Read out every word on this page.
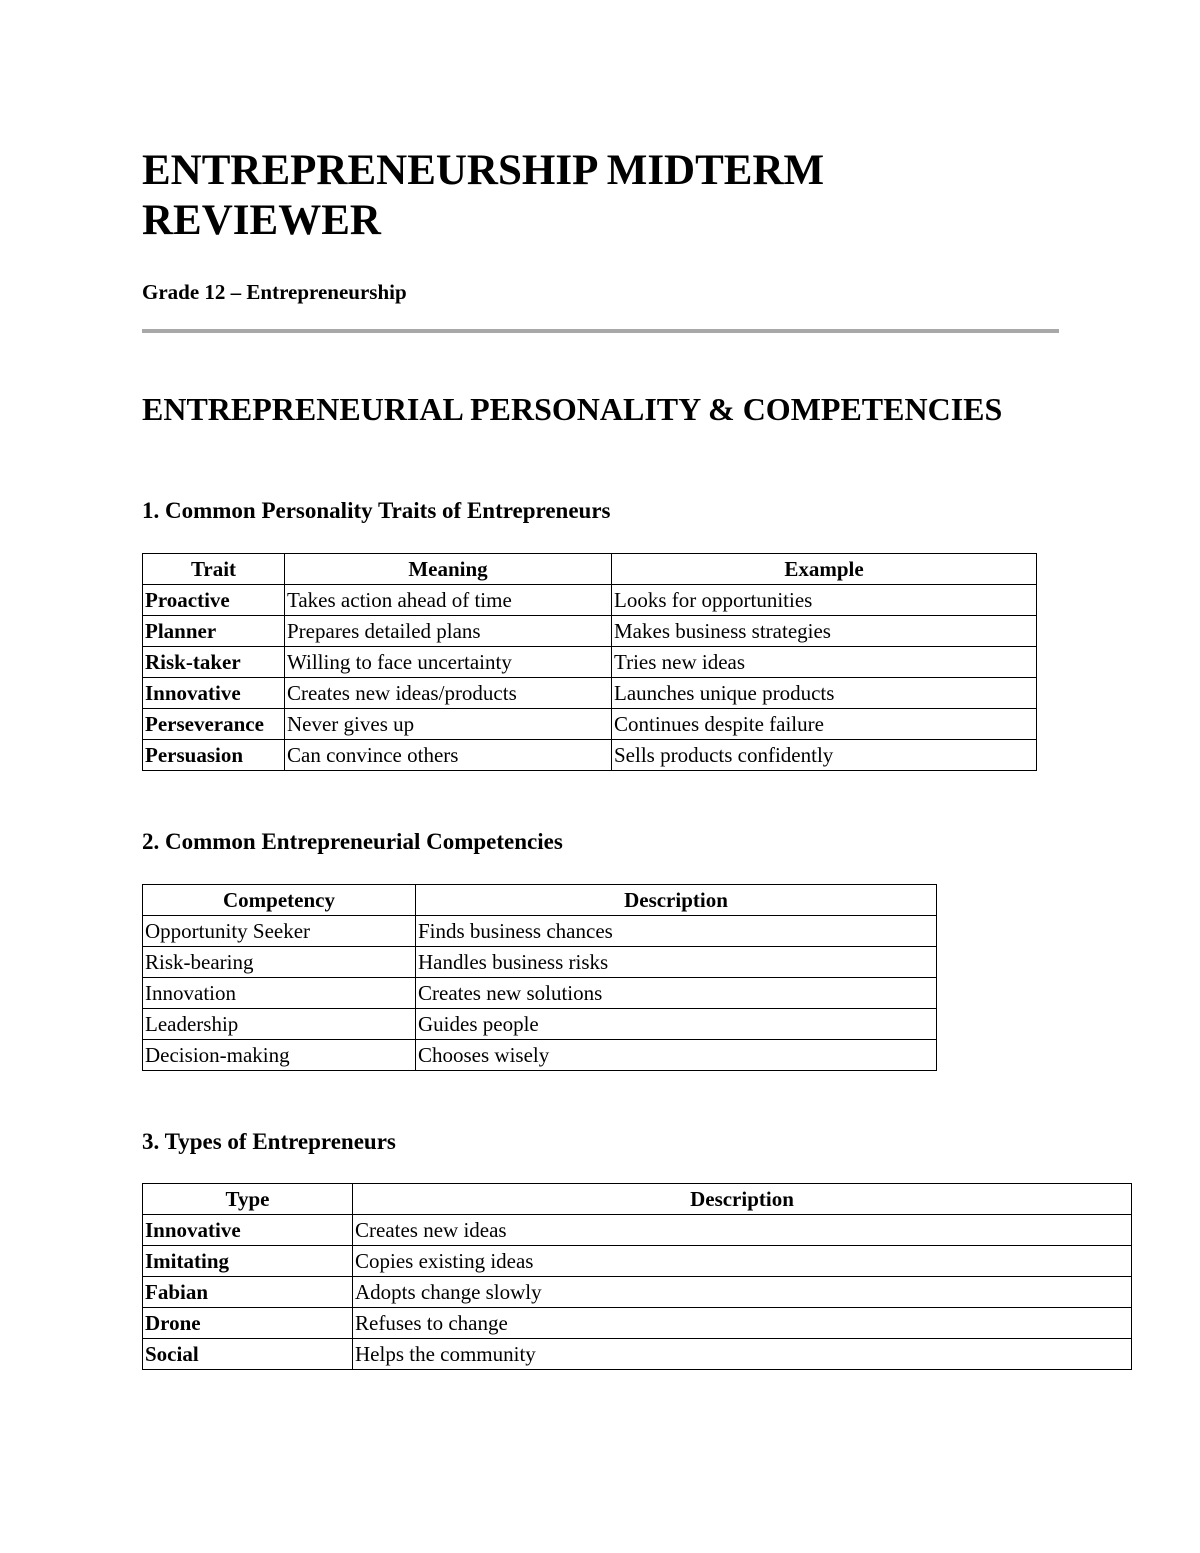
ENTREPRENEURSHIP MIDTERM REVIEWER

Grade 12 – Entrepreneurship

ENTREPRENEURIAL PERSONALITY & COMPETENCIES
1. Common Personality Traits of Entrepreneurs
Trait	Meaning	Example
Proactive	Takes action ahead of time	Looks for opportunities
Planner	Prepares detailed plans	Makes business strategies
Risk-taker	Willing to face uncertainty	Tries new ideas
Innovative	Creates new ideas/products	Launches unique products
Perseverance	Never gives up	Continues despite failure
Persuasion	Can convince others	Sells products confidently
2. Common Entrepreneurial Competencies
Competency	Description
Opportunity Seeker	Finds business chances
Risk-bearing	Handles business risks
Innovation	Creates new solutions
Leadership	Guides people
Decision-making	Chooses wisely
3. Types of Entrepreneurs
Type	Description
Innovative	Creates new ideas
Imitating	Copies existing ideas
Fabian	Adopts change slowly
Drone	Refuses to change
Social	Helps the community
